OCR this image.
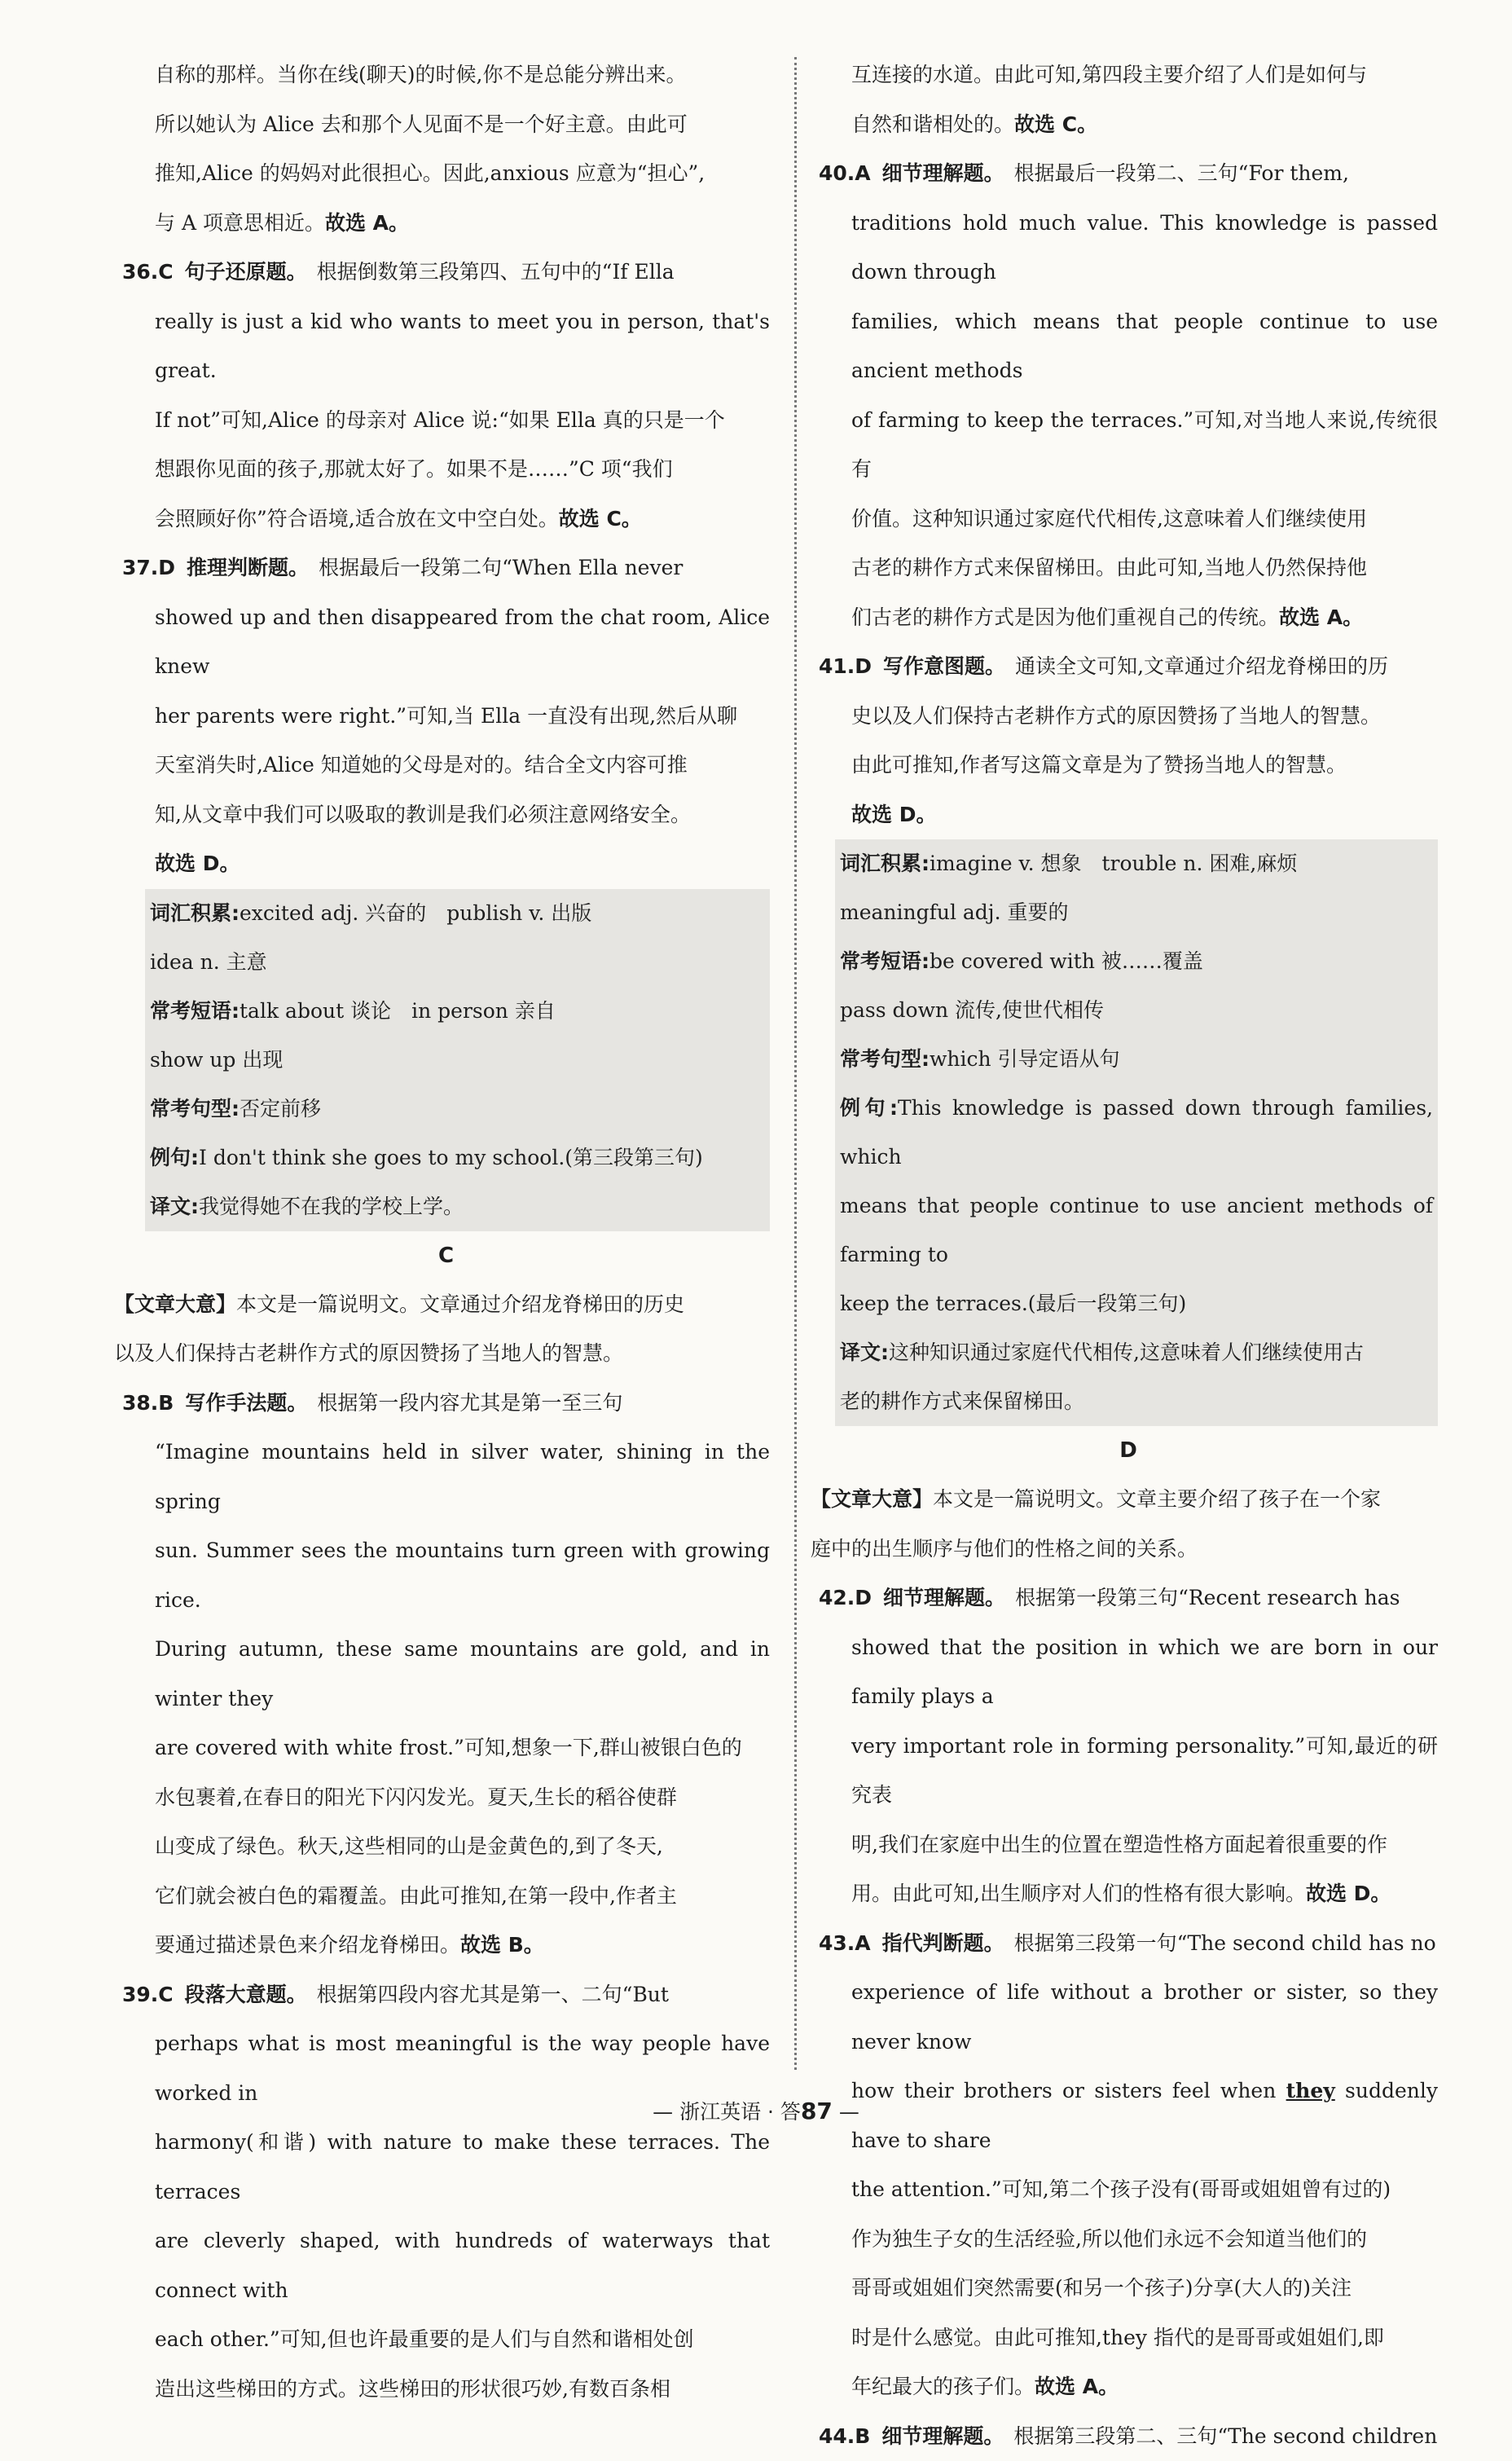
自称的那样。当你在线(聊天)的时候,你不是总能分辨出来。

所以她认为 Alice 去和那个人见面不是一个好主意。由此可

推知,Alice 的妈妈对此很担心。因此,anxious 应意为“担心”,

与 A 项意思相近。故选 A。

36.C 句子还原题。 根据倒数第三段第四、五句中的“If Ella

really is just a kid who wants to meet you in person, that's great.

If not”可知,Alice 的母亲对 Alice 说:“如果 Ella 真的只是一个

想跟你见面的孩子,那就太好了。如果不是……”C 项“我们

会照顾好你”符合语境,适合放在文中空白处。故选 C。

37.D 推理判断题。 根据最后一段第二句“When Ella never

showed up and then disappeared from the chat room, Alice knew

her parents were right.”可知,当 Ella 一直没有出现,然后从聊

天室消失时,Alice 知道她的父母是对的。结合全文内容可推

知,从文章中我们可以吸取的教训是我们必须注意网络安全。

故选 D。

词汇积累:excited adj. 兴奋的　publish v. 出版

idea n. 主意

常考短语:talk about 谈论　in person 亲自

show up 出现

常考句型:否定前移

例句:I don't think she goes to my school.(第三段第三句)

译文:我觉得她不在我的学校上学。

C

【文章大意】本文是一篇说明文。文章通过介绍龙脊梯田的历史

以及人们保持古老耕作方式的原因赞扬了当地人的智慧。

38.B 写作手法题。 根据第一段内容尤其是第一至三句

“Imagine mountains held in silver water, shining in the spring

sun. Summer sees the mountains turn green with growing rice.

During autumn, these same mountains are gold, and in winter they

are covered with white frost.”可知,想象一下,群山被银白色的

水包裹着,在春日的阳光下闪闪发光。夏天,生长的稻谷使群

山变成了绿色。秋天,这些相同的山是金黄色的,到了冬天,

它们就会被白色的霜覆盖。由此可推知,在第一段中,作者主

要通过描述景色来介绍龙脊梯田。故选 B。

39.C 段落大意题。 根据第四段内容尤其是第一、二句“But

perhaps what is most meaningful is the way people have worked in

harmony(和谐) with nature to make these terraces. The terraces

are cleverly shaped, with hundreds of waterways that connect with

each other.”可知,但也许最重要的是人们与自然和谐相处创

造出这些梯田的方式。这些梯田的形状很巧妙,有数百条相

互连接的水道。由此可知,第四段主要介绍了人们是如何与

自然和谐相处的。故选 C。

40.A 细节理解题。 根据最后一段第二、三句“For them,

traditions hold much value. This knowledge is passed down through

families, which means that people continue to use ancient methods

of farming to keep the terraces.”可知,对当地人来说,传统很有

价值。这种知识通过家庭代代相传,这意味着人们继续使用

古老的耕作方式来保留梯田。由此可知,当地人仍然保持他

们古老的耕作方式是因为他们重视自己的传统。故选 A。

41.D 写作意图题。 通读全文可知,文章通过介绍龙脊梯田的历

史以及人们保持古老耕作方式的原因赞扬了当地人的智慧。

由此可推知,作者写这篇文章是为了赞扬当地人的智慧。

故选 D。

词汇积累:imagine v. 想象　trouble n. 困难,麻烦

meaningful adj. 重要的

常考短语:be covered with 被……覆盖

pass down 流传,使世代相传

常考句型:which 引导定语从句

例句:This knowledge is passed down through families, which

means that people continue to use ancient methods of farming to

keep the terraces.(最后一段第三句)

译文:这种知识通过家庭代代相传,这意味着人们继续使用古

老的耕作方式来保留梯田。

D

【文章大意】本文是一篇说明文。文章主要介绍了孩子在一个家

庭中的出生顺序与他们的性格之间的关系。

42.D 细节理解题。 根据第一段第三句“Recent research has

showed that the position in which we are born in our family plays a

very important role in forming personality.”可知,最近的研究表

明,我们在家庭中出生的位置在塑造性格方面起着很重要的作

用。由此可知,出生顺序对人们的性格有很大影响。故选 D。

43.A 指代判断题。 根据第三段第一句“The second child has no

experience of life without a brother or sister, so they never know

how their brothers or sisters feel when they suddenly have to share

the attention.”可知,第二个孩子没有(哥哥或姐姐曾有过的)

作为独生子女的生活经验,所以他们永远不会知道当他们的

哥哥或姐姐们突然需要(和另一个孩子)分享(大人的)关注

时是什么感觉。由此可推知,they 指代的是哥哥或姐姐们,即

年纪最大的孩子们。故选 A。

44.B 细节理解题。 根据第三段第二、三句“The second children

— 浙江英语 · 答87 —
